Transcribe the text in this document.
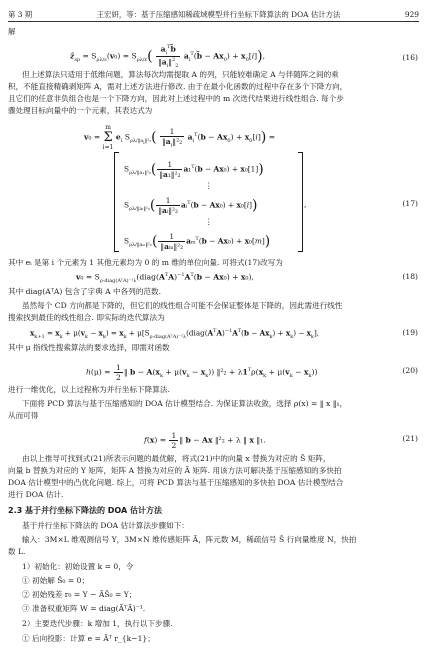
第 3 期	王宏妍，等：基于压缩感知稀疏域模型并行坐标下降算法的 DOA 估计方法	929
解
ẑ$_{sp}$ = $S_{\rho\lambda/\varepsilon}(v_0) = S_{\rho\lambda/\varepsilon}( \frac{a_i^Tb̃}{‖a_i‖^2_2}$ $a_i^T(b̃ - Ax_0) + x_0[i]$),	(16)
但上述算法只适用于低维问题，算法每次均需提取 A 的列，只能较难确定 A 与伴随阵之间的乘
积，不能直接精确剥矩阵 A，需对上述方法进行修改. 由于在最小化函数的过程中存在多个下降方向，
且它们的任意非负组合也是一个下降方向，因此对上述过程中的 m 次迭代结果进行线性组合. 每个步
骤处理目标向量中的一个元素，其表达式为
v₀ =
m
Σ
i=1
$e_i$ $S_{\rho\lambda/‖a_i‖^2_2}( \frac{1}{‖a_i‖^2_2} a_i^T(b - Ax_0) + x_0[i])$ =
$S_{\rho\lambda/‖a_1‖^2_2}( \frac{1}{\text{‖a₁‖²₂}} a_1^T(b - Ax_0) + x_0[1])$
⋮
$S_{\rho\lambda/‖aᵢ‖^2_2}( \frac{1}{\text{‖aᵢ‖²₂}}$ aᵢ$^T$(b − Ax₀) + x₀[i])
⋮
$S_{\rho\lambda/‖a_m‖^2_2}( \frac{1}{\text{‖aₘ‖²₂}} a_m^T(b - Ax_0) + x_0[m])$
,	(17)
其中 eᵢ 是第 i 个元素为 1 其他元素均为 0 的 m 维的单位向量. 可将式(17)改写为
$v_0 = S_{\rho\cdot diag(AᵀA)^{-1}\lambda}(diag(A^TA)^{-1}A^T(b - Ax_0) + x_0)$,	(18)
其中 diag(AᵀA) 包含了字典 A 中各列的范数.
虽然每个 CD 方向都是下降的，但它们的线性组合可能不会保证整体是下降的，因此需进行线性
搜索找到最佳的线性组合. 即实际的迭代算法为
$x_{k+1} = x_k + \mu(v_k - x_k) = x_k$ + $\mu[S_{\rho\cdot diag(AᵀA)^{-1}\lambda}(diag(A^TA)^{-1}A^T(b - Ax_k) + x_k) - x_k]$,	(19)
其中 μ 指线性搜索算法的要求选择，即需对函数
$h(\mu) = \frac{1}{2}$ ‖ $b - A(x_k + \mu(v_k - x_k))$ ‖²₂ + $\lambda 1^T\rho(x_k + \mu(v_k - x_k))$	(20)
进行一维优化，以上过程称为并行坐标下降算法.
下面将 PCD 算法与基于压缩感知的 DOA 估计模型结合. 为保证算法收敛，选择 ρ(x) = ‖ x ‖₁，
从而可得
$f(x) = \frac{1}{2}$ ‖ b − Ax ‖²₂ + λ ‖ x ‖₁.	(21)
由以上推导可找到式(21)所表示问题的最优解，将式(21)中的向量 x 替换为对应的 Ŝ 矩阵，
向量 b 替换为对应的 Y 矩阵，矩阵 A 替换为对应的 Ã 矩阵. 用该方法可解决基于压缩感知的多快拍
DOA 估计模型中的凸优化问题. 综上，可将 PCD 算法与基于压缩感知的多快拍 DOA 估计模型结合
进行 DOA 估计.
2.3 基于并行坐标下降法的 DOA 估计方法
基于并行坐标下降法的 DOA 估计算法步骤如下：
输入：3M×L 维观测信号 Y，3M×N 维传感矩阵 Ã，阵元数 M，稀疏信号 Ŝ 行向量维度 N，快拍
数 L.
1）初始化：初始设置 k = 0，令
① 初始解 Ŝ₀ = 0；
② 初始残差 r₀ = Y − ÃŜ₀ = Y；
③ 准备权重矩阵 W = diag(ÃᵀÃ)⁻¹.
2）主要迭代步骤：k 增加 1，执行以下步骤.
① 后向投影：计算 e = Ãᵀ r_{k−1}；
